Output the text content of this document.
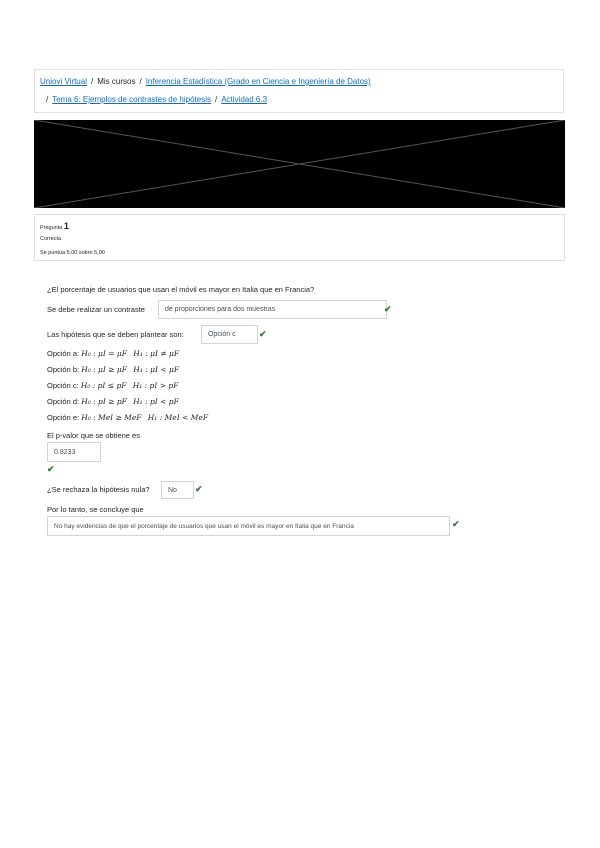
Uniovi Virtual / Mis cursos / Inferencia Estadística (Grado en Ciencia e Ingeniería de Datos)
/ Tema 6: Ejemplos de contrastes de hipótesis / Actividad 6.3
Pregunta 1
Correcta
Se puntúa 5,00 sobre 5,00
¿El porcentaje de usuarios que usan el móvil es mayor en Italia que en Francia?
Se debe realizar un contraste	de proporciones para dos muestras	✔
Las hipótesis que se deben plantear son:	Opción c	✔
Opción a: H₀ : μI = μF H₁ : μI ≠ μF
Opción b: H₀ : μI ≥ μF H₁ : μI < μF
Opción c: H₀ : pI ≤ pF H₁ : pI > pF
Opción d: H₀ : pI ≥ pF H₁ : pI < pF
Opción e: H₀ : MeI ≥ MeF H₁ : MeI < MeF
El p-valor que se obtiene es
0.8233
✔
¿Se rechaza la hipótesis nula?	No	✔
Por lo tanto, se concluye que
No hay evidencias de que el porcentaje de usuarios que usan el móvil es mayor en Italia que en Francia	✔
